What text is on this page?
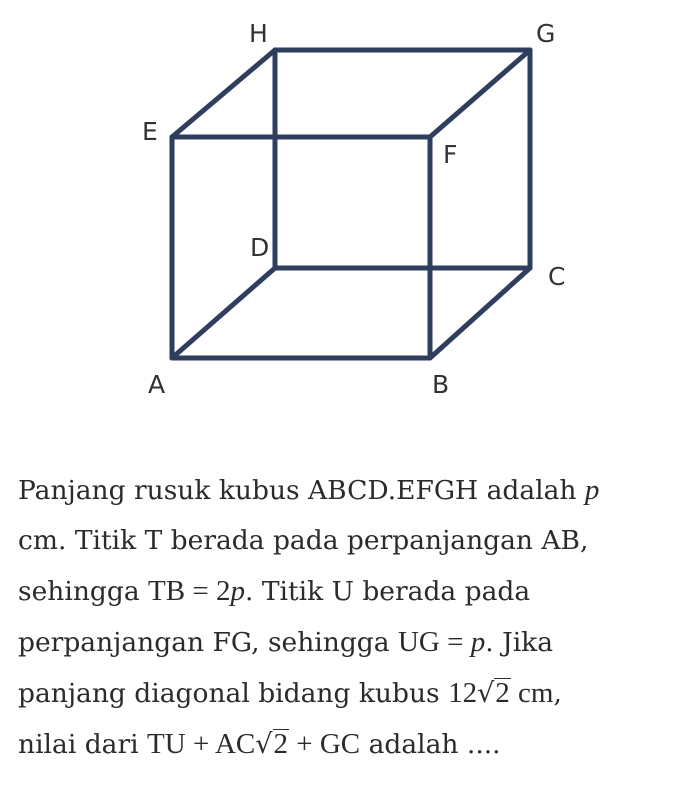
H	G
E
F
D
C
A	B
Panjang rusuk kubus ABCD.EFGH adalah p
cm. Titik T berada pada perpanjangan AB,
sehingga TB = 2p. Titik U berada pada
perpanjangan FG, sehingga UG = p. Jika
panjang diagonal bidang kubus 12√2 cm,
nilai dari TU + AC√2 + GC adalah ....
